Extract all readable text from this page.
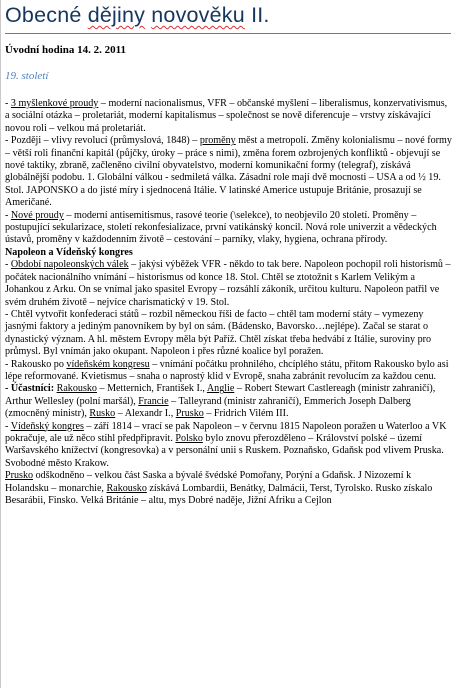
Obecné dějiny novověku II.
Úvodní hodina 14. 2. 2011
19. století

- 3 myšlenkové proudy – moderní nacionalismus, VFR – občanské myšlení – liberalismus, konzervativismus, a sociální otázka – proletariát, moderní kapitalismus – společnost se nově diferencuje – vrstvy získávající novou roli – velkou má proletariát.

- Později – vlivy revolucí (průmyslová, 1848) – proměny měst a metropolí. Změny kolonialismu – nové formy – větší roli finanční kapitál (půjčky, úroky – práce s nimi), změna forem ozbrojených konfliktů - objevují se nové taktiky, zbraně, začleněno civilní obyvatelstvo, moderní komunikační formy (telegraf), získává globálnější podobu. 1. Globální válkou - sedmiletá válka. Zásadní role mají dvě mocnosti – USA a od ½ 19. Stol. JAPONSKO a do jisté míry i sjednocená Itálie. V latinské Americe ustupuje Británie, prosazují se Američané.

- Nové proudy – moderní antisemitismus, rasové teorie (\selekce), to neobjevilo 20 století. Proměny – postupující sekularizace, století rekonfesializace, první vatikánský koncil. Nová role univerzit a vědeckých ústavů, proměny v každodenním životě – cestování – parníky, vlaky, hygiena, ochrana přírody.

Napoleon a Vídeňský kongres

- Období napoleonských válek – jakýsi výběžek VFR - někdo to tak bere. Napoleon pochopil roli historismů – počátek nacionálního vnímání – historismus od konce 18. Stol. Chtěl se ztotožnit s Karlem Velikým a Johankou z Arku. On se vnímal jako spasitel Evropy – rozsáhlí zákoník, určitou kulturu. Napoleon patřil ve svém druhém životě – nejvíce charismatický v 19. Stol.

- Chtěl vytvořit konfederaci států – rozbil německou říši de facto – chtěl tam moderní státy – vymezeny jasnými faktory a jediným panovníkem by byl on sám. (Bádensko, Bavorsko…nejlépe). Začal se starat o dynastický význam. A hl. městem Evropy měla být Paříž. Chtěl získat třeba hedvábí z Itálie, suroviny pro průmysl. Byl vnímán jako okupant. Napoleon i přes různé koalice byl poražen.

- Rakousko po vídeňském kongresu – vnímání počátku prohnilého, chcíplého státu, přitom Rakousko bylo asi lépe reformované. Kvietismus – snaha o naprostý klid v Evropě, snaha zabránit revolucím za každou cenu.

- Účastníci: Rakousko – Metternich, František I., Anglie – Robert Stewart Castlereagh (ministr zahraničí), Arthur Wellesley (polní maršál), Francie – Talleyrand (ministr zahraničí), Emmerich Joseph Dalberg (zmocněný ministr), Rusko – Alexandr I., Prusko – Fridrich Vilém III.

- Vídeňský kongres – září 1814 – vrací se pak Napoleon – v červnu 1815 Napoleon poražen u Waterloo a VK pokračuje, ale už něco stihl předpřipravit. Polsko bylo znovu přerozděleno – Království polské – území Waršavského knížectví (kongresovka) a v personální unii s Ruskem. Poznaňsko, Gdaňsk pod vlivem Pruska. Svobodné město Krakow.

Prusko odškodněno – velkou část Saska a bývalé švédské Pomořany, Porýní a Gdaňsk. J Nizozemí k Holandsku – monarchie, Rakousko získává Lombardii, Benátky, Dalmácii, Terst, Tyrolsko. Rusko získalo Besarábii, Finsko. Velká Británie – altu, mys Dobré naděje, Jižní Afriku a Cejlon
